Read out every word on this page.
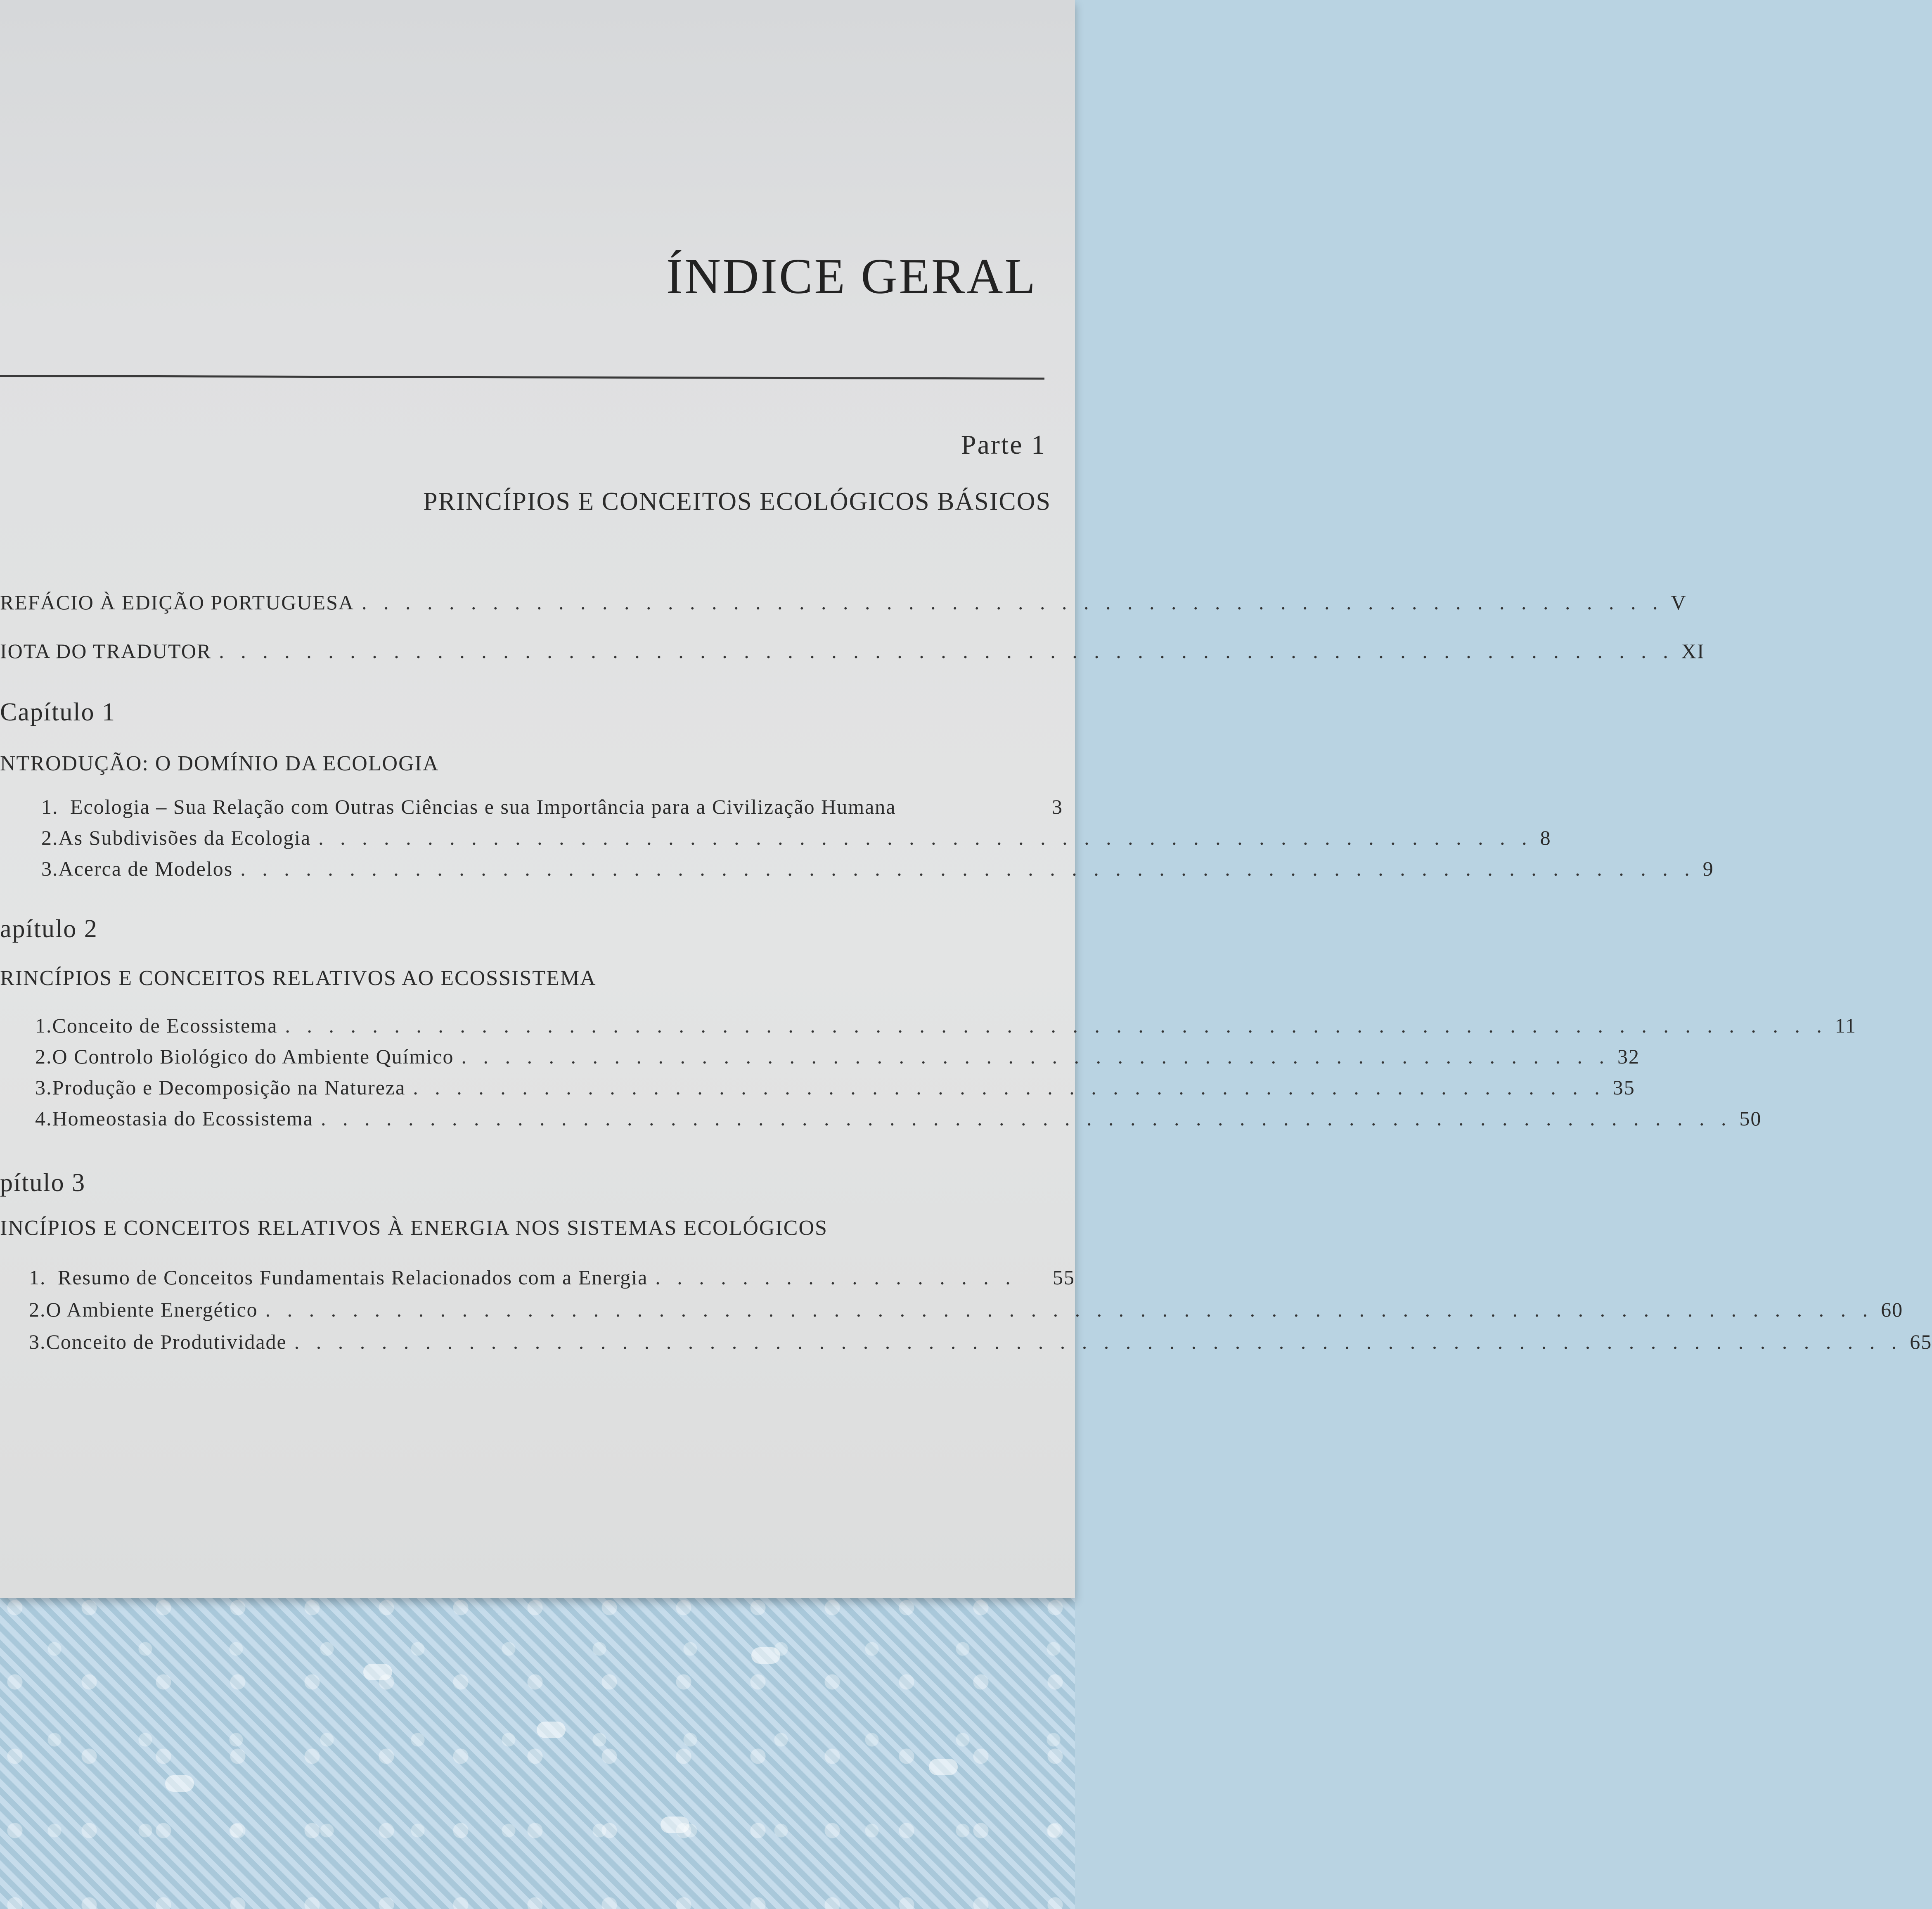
ÍNDICE GERAL
Parte 1
PRINCÍPIOS E CONCEITOS ECOLÓGICOS BÁSICOS
REFÁCIO À EDIÇÃO PORTUGUESA . . . . . . . . . . . . . . . . . . . . . . . . . . . . . . . . . . . . . . . . . . . . . . . . . . . . . . . . . . . . V
IOTA DO TRADUTOR . . . . . . . . . . . . . . . . . . . . . . . . . . . . . . . . . . . . . . . . . . . . . . . . . . . . . . . . . . . . . . . . . . . XI
Capítulo 1
NTRODUÇÃO: O DOMÍNIO DA ECOLOGIA
1. Ecologia – Sua Relação com Outras Ciências e sua Importância para a Civilização Humana	3
2. As Subdivisões da Ecologia . . . . . . . . . . . . . . . . . . . . . . . . . . . . . . . . . . . . . . . . . . . . . . . . . . . . . . . . 8
3. Acerca de Modelos . . . . . . . . . . . . . . . . . . . . . . . . . . . . . . . . . . . . . . . . . . . . . . . . . . . . . . . . . . . . . . . . . . . 9
apítulo 2
RINCÍPIOS E CONCEITOS RELATIVOS AO ECOSSISTEMA
1. Conceito de Ecossistema . . . . . . . . . . . . . . . . . . . . . . . . . . . . . . . . . . . . . . . . . . . . . . . . . . . . . . . . . . . . . . . . . . . . . . . 11
2. O Controlo Biológico do Ambiente Químico . . . . . . . . . . . . . . . . . . . . . . . . . . . . . . . . . . . . . . . . . . . . . . . . . . . . . 32
3. Produção e Decomposição na Natureza . . . . . . . . . . . . . . . . . . . . . . . . . . . . . . . . . . . . . . . . . . . . . . . . . . . . . . . 35
4. Homeostasia do Ecossistema . . . . . . . . . . . . . . . . . . . . . . . . . . . . . . . . . . . . . . . . . . . . . . . . . . . . . . . . . . . . . . . . . 50
pítulo 3
INCÍPIOS E CONCEITOS RELATIVOS À ENERGIA NOS SISTEMAS ECOLÓGICOS
1. Resumo de Conceitos Fundamentais Relacionados com a Energia . . . . . . . . . . . . . . . . .	55
2. O Ambiente Energético . . . . . . . . . . . . . . . . . . . . . . . . . . . . . . . . . . . . . . . . . . . . . . . . . . . . . . . . . . . . . . . . . . . . . . . . . . 60
3. Conceito de Produtividade . . . . . . . . . . . . . . . . . . . . . . . . . . . . . . . . . . . . . . . . . . . . . . . . . . . . . . . . . . . . . . . . . . . . . . . . . . 65
